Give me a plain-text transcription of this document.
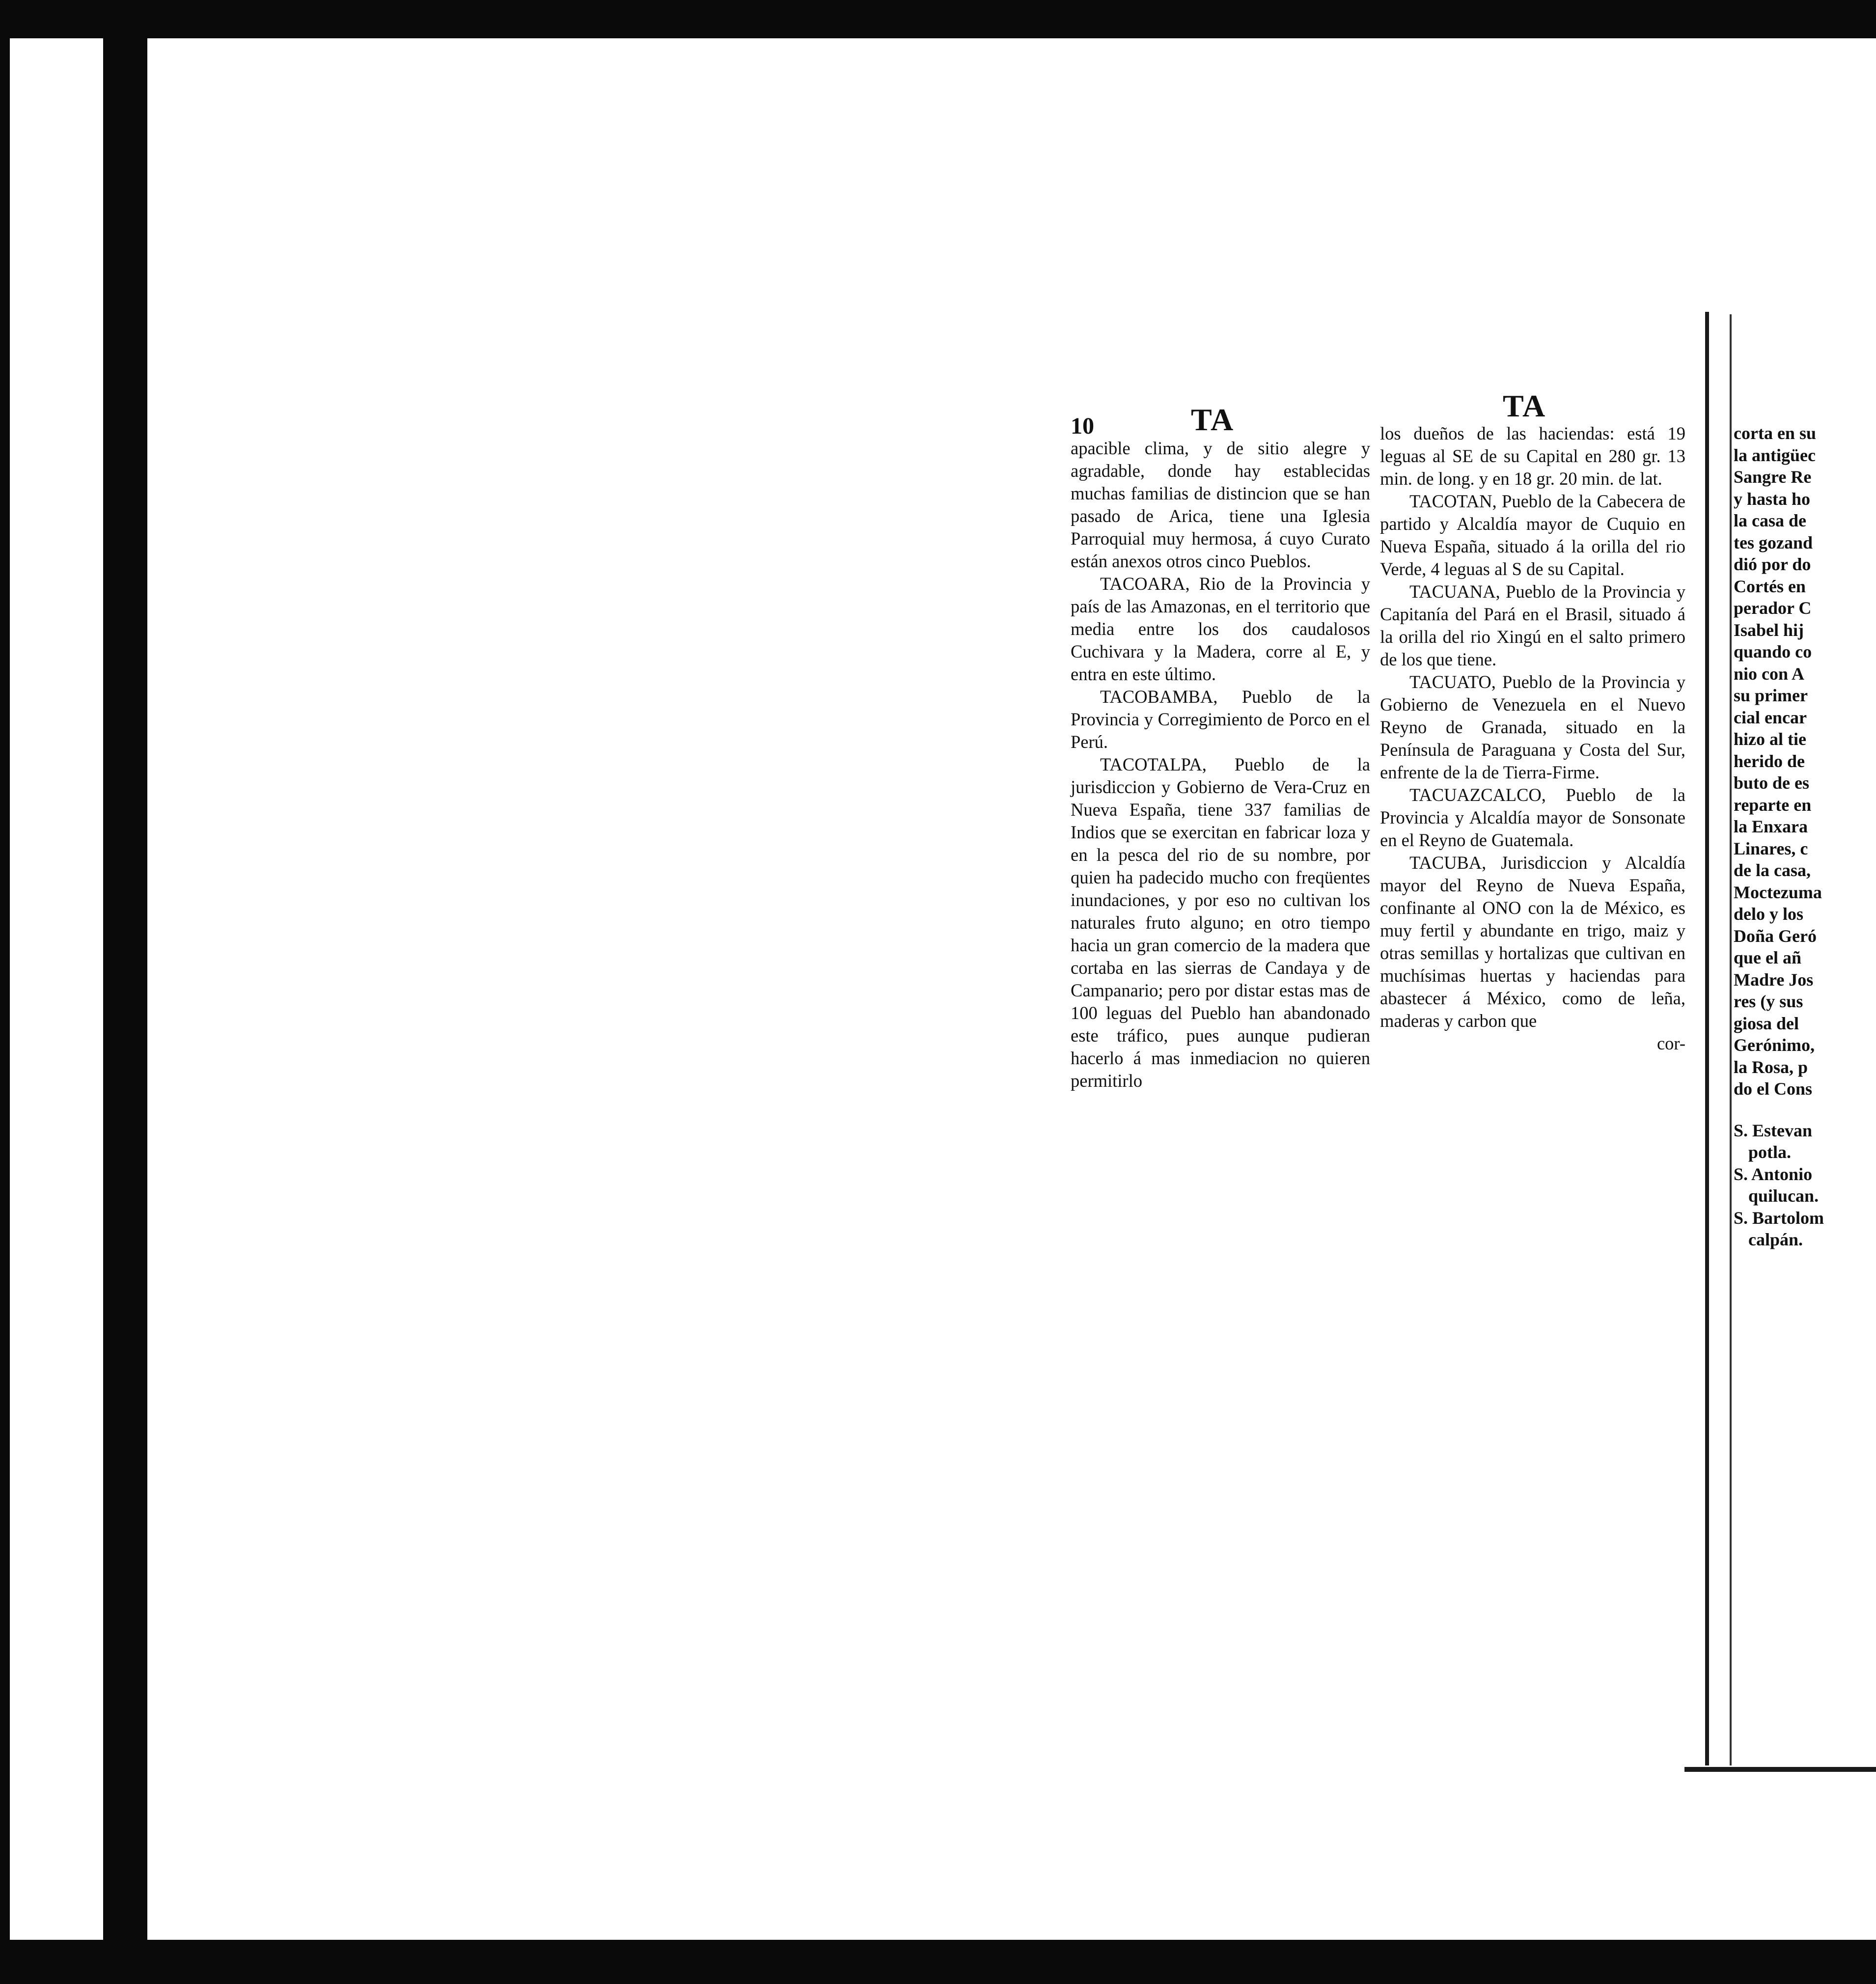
10	TA	TA

apacible clima, y de sitio alegre y agradable, donde hay establecidas muchas familias de distincion que se han pasado de Arica, tiene una Iglesia Parroquial muy hermosa, á cuyo Curato están anexos otros cinco Pueblos.

TACOARA, Rio de la Provincia y país de las Amazonas, en el territorio que media entre los dos caudalosos Cuchivara y la Madera, corre al E, y entra en este último.

TACOBAMBA, Pueblo de la Provincia y Corregimiento de Porco en el Perú.

TACOTALPA, Pueblo de la jurisdiccion y Gobierno de Vera-Cruz en Nueva España, tiene 337 familias de Indios que se exercitan en fabricar loza y en la pesca del rio de su nombre, por quien ha padecido mucho con freqüentes inundaciones, y por eso no cultivan los naturales fruto alguno; en otro tiempo hacia un gran comercio de la madera que cortaba en las sierras de Candaya y de Campanario; pero por distar estas mas de 100 leguas del Pueblo han abandonado este tráfico, pues aunque pudieran hacerlo á mas inmediacion no quieren permitirlo

los dueños de las haciendas: está 19 leguas al SE de su Capital en 280 gr. 13 min. de long. y en 18 gr. 20 min. de lat.

TACOTAN, Pueblo de la Cabecera de partido y Alcaldía mayor de Cuquio en Nueva España, situado á la orilla del rio Verde, 4 leguas al S de su Capital.

TACUANA, Pueblo de la Provincia y Capitanía del Pará en el Brasil, situado á la orilla del rio Xingú en el salto primero de los que tiene.

TACUATO, Pueblo de la Provincia y Gobierno de Venezuela en el Nuevo Reyno de Granada, situado en la Península de Paraguana y Costa del Sur, enfrente de la de Tierra-Firme.

TACUAZCALCO, Pueblo de la Provincia y Alcaldía mayor de Sonsonate en el Reyno de Guatemala.

TACUBA, Jurisdiccion y Alcaldía mayor del Reyno de Nueva España, confinante al ONO con la de México, es muy fertil y abundante en trigo, maiz y otras semillas y hortalizas que cultivan en muchísimas huertas y haciendas para abastecer á México, como de leña, maderas y carbon que

cor-

corta en su
la antigüec
Sangre Re
y hasta ho
la casa de
tes gozand
dió por do
Cortés en
perador C
Isabel hij
quando co
nio con A
su primer
cial encar
hizo al tie
herido de
buto de es
reparte en
la Enxara
Linares, c
de la casa,
Moctezuma
delo y los
Doña Geró
que el añ
Madre Jos
res (y sus
giosa del
Gerónimo,
la Rosa, p
do el Cons
S. Estevan
potla.
S. Antonio
quilucan.
S. Bartolom
calpán.
